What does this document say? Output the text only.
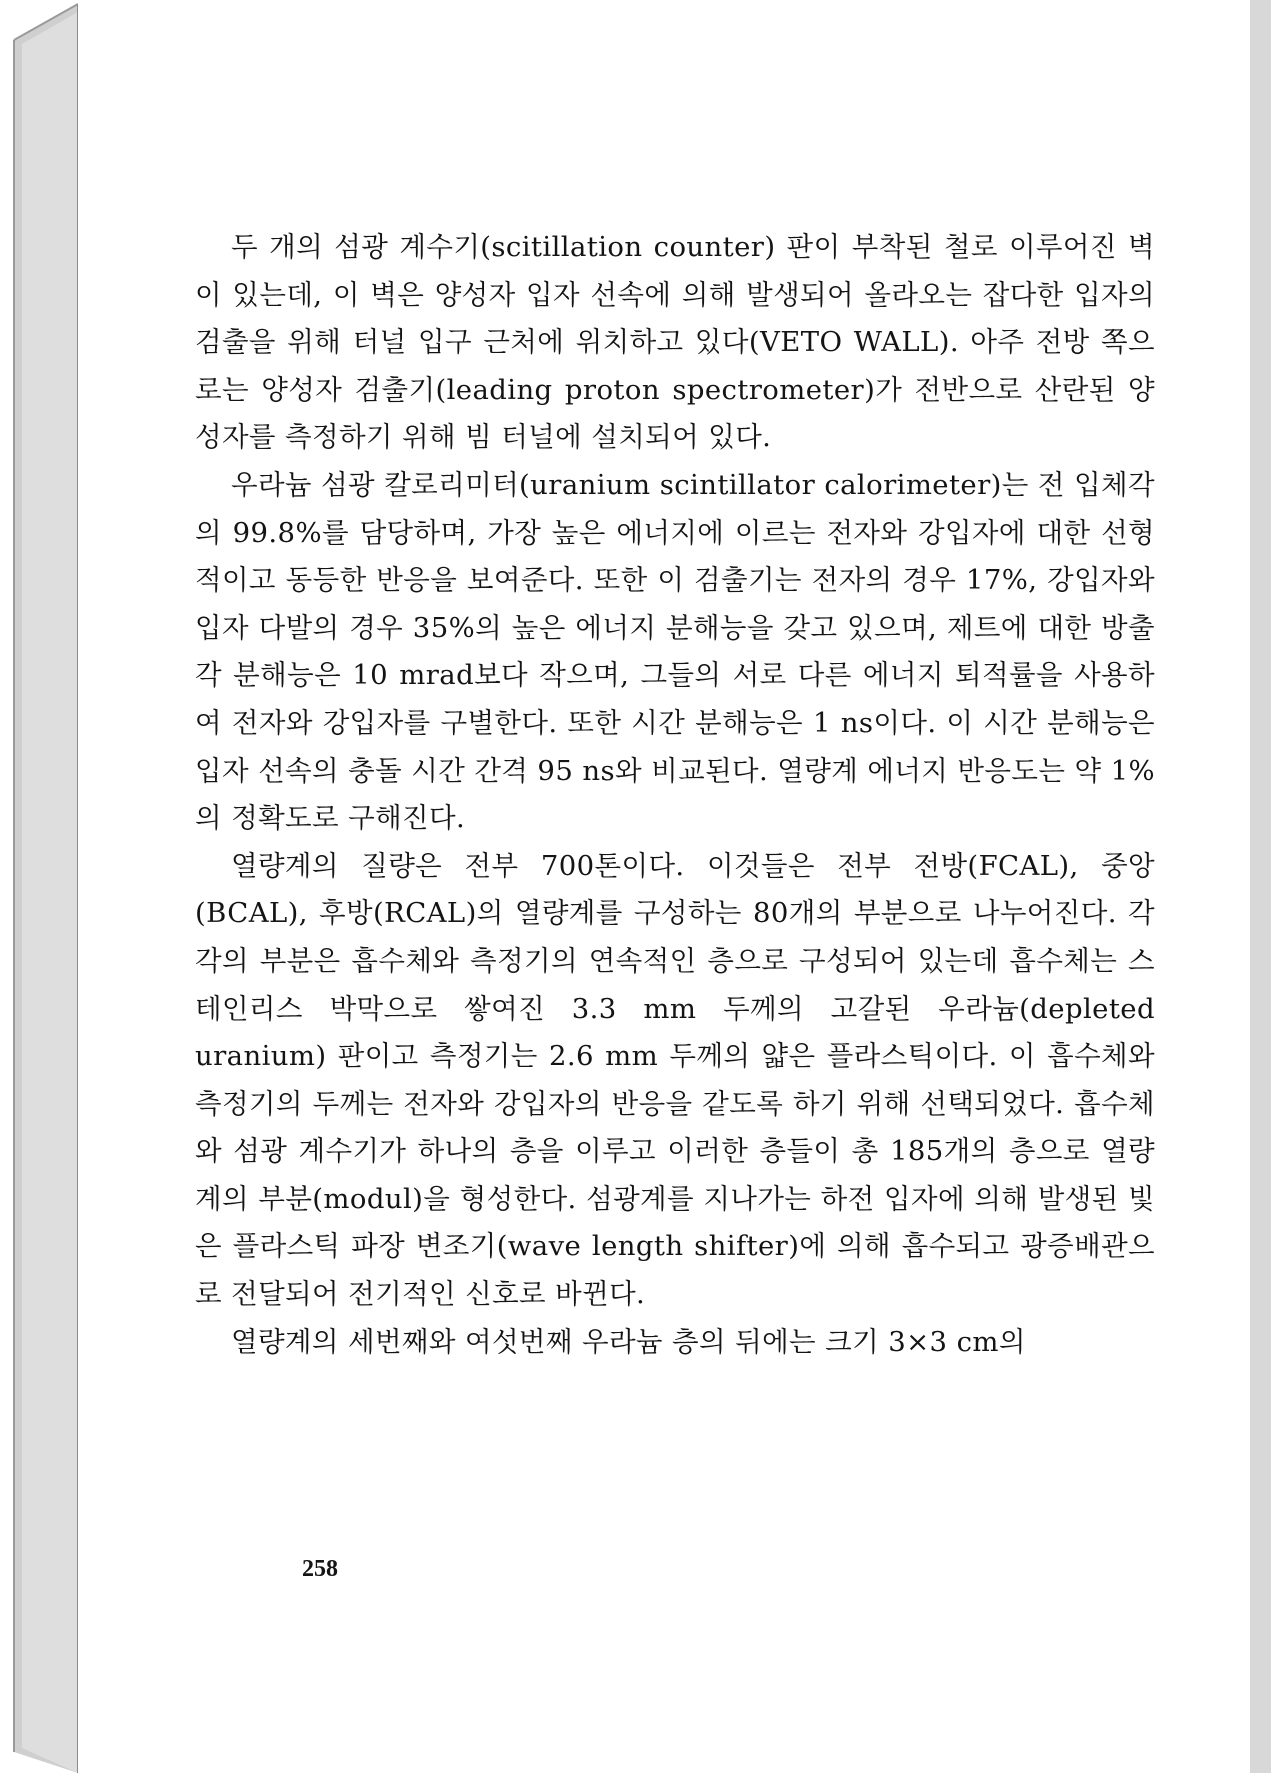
두 개의 섬광 계수기(scitillation counter) 판이 부착된 철로 이루어진 벽이 있는데, 이 벽은 양성자 입자 선속에 의해 발생되어 올라오는 잡다한 입자의 검출을 위해 터널 입구 근처에 위치하고 있다(VETO WALL). 아주 전방 쪽으로는 양성자 검출기(leading proton spectrometer)가 전반으로 산란된 양성자를 측정하기 위해 빔 터널에 설치되어 있다.

우라늄 섬광 칼로리미터(uranium scintillator calorimeter)는 전 입체각의 99.8%를 담당하며, 가장 높은 에너지에 이르는 전자와 강입자에 대한 선형적이고 동등한 반응을 보여준다. 또한 이 검출기는 전자의 경우 17%, 강입자와 입자 다발의 경우 35%의 높은 에너지 분해능을 갖고 있으며, 제트에 대한 방출각 분해능은 10 mrad보다 작으며, 그들의 서로 다른 에너지 퇴적률을 사용하여 전자와 강입자를 구별한다. 또한 시간 분해능은 1 ns이다. 이 시간 분해능은 입자 선속의 충돌 시간 간격 95 ns와 비교된다. 열량계 에너지 반응도는 약 1%의 정확도로 구해진다.

열량계의 질량은 전부 700톤이다. 이것들은 전부 전방(FCAL), 중앙(BCAL), 후방(RCAL)의 열량계를 구성하는 80개의 부분으로 나누어진다. 각각의 부분은 흡수체와 측정기의 연속적인 층으로 구성되어 있는데 흡수체는 스테인리스 박막으로 쌓여진 3.3 mm 두께의 고갈된 우라늄(depleted uranium) 판이고 측정기는 2.6 mm 두께의 얇은 플라스틱이다. 이 흡수체와 측정기의 두께는 전자와 강입자의 반응을 같도록 하기 위해 선택되었다. 흡수체와 섬광 계수기가 하나의 층을 이루고 이러한 층들이 총 185개의 층으로 열량계의 부분(modul)을 형성한다. 섬광계를 지나가는 하전 입자에 의해 발생된 빛은 플라스틱 파장 변조기(wave length shifter)에 의해 흡수되고 광증배관으로 전달되어 전기적인 신호로 바뀐다.

열량계의 세번째와 여섯번째 우라늄 층의 뒤에는 크기 3×3 cm의

258
